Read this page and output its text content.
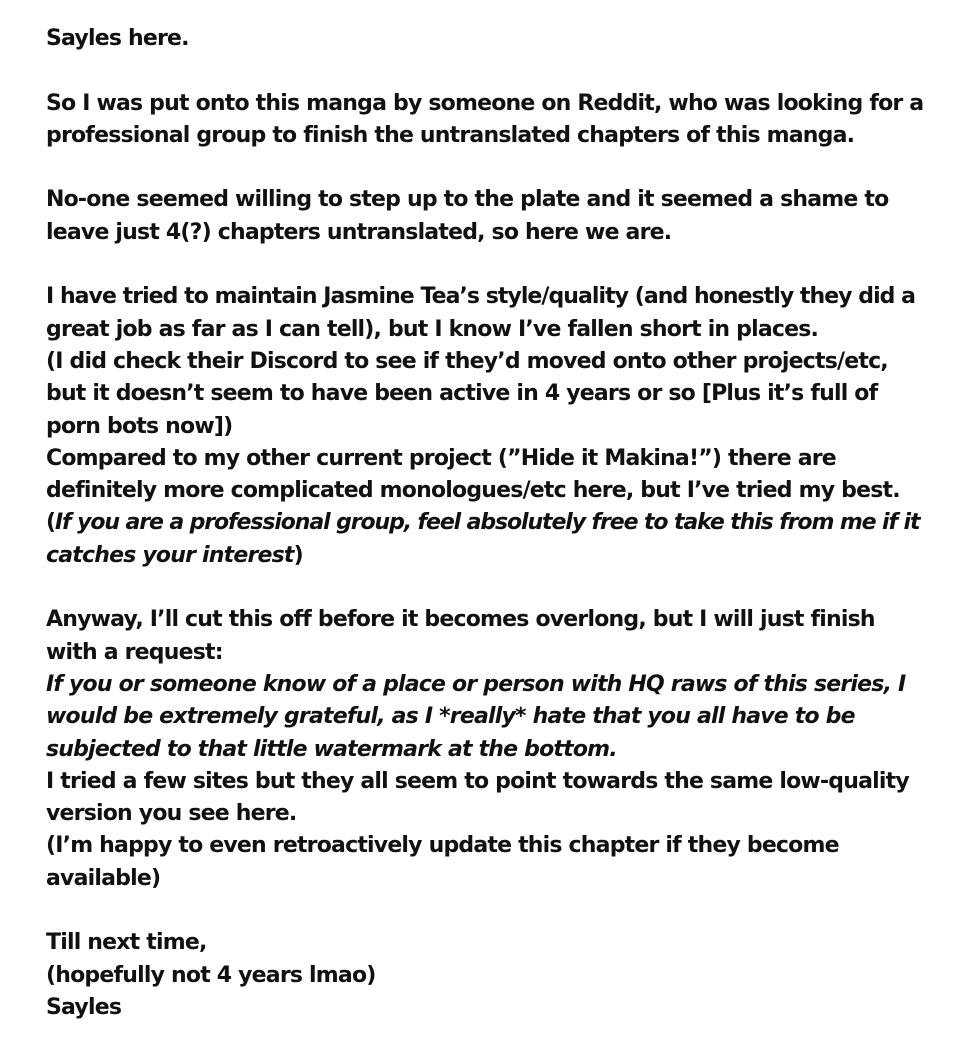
Sayles here.
So I was put onto this manga by someone on Reddit, who was looking for a
professional group to finish the untranslated chapters of this manga.
No-one seemed willing to step up to the plate and it seemed a shame to
leave just 4(?) chapters untranslated, so here we are.
I have tried to maintain Jasmine Tea’s style/quality (and honestly they did a
great job as far as I can tell), but I know I’ve fallen short in places.
(I did check their Discord to see if they’d moved onto other projects/etc,
but it doesn’t seem to have been active in 4 years or so [Plus it’s full of
porn bots now])
Compared to my other current project (”Hide it Makina!”) there are
definitely more complicated monologues/etc here, but I’ve tried my best.
(If you are a professional group, feel absolutely free to take this from me if it
catches your interest)
Anyway, I’ll cut this off before it becomes overlong, but I will just finish
with a request:
If you or someone know of a place or person with HQ raws of this series, I
would be extremely grateful, as I *really* hate that you all have to be
subjected to that little watermark at the bottom.
I tried a few sites but they all seem to point towards the same low-quality
version you see here.
(I’m happy to even retroactively update this chapter if they become
available)
Till next time,
(hopefully not 4 years lmao)
Sayles
